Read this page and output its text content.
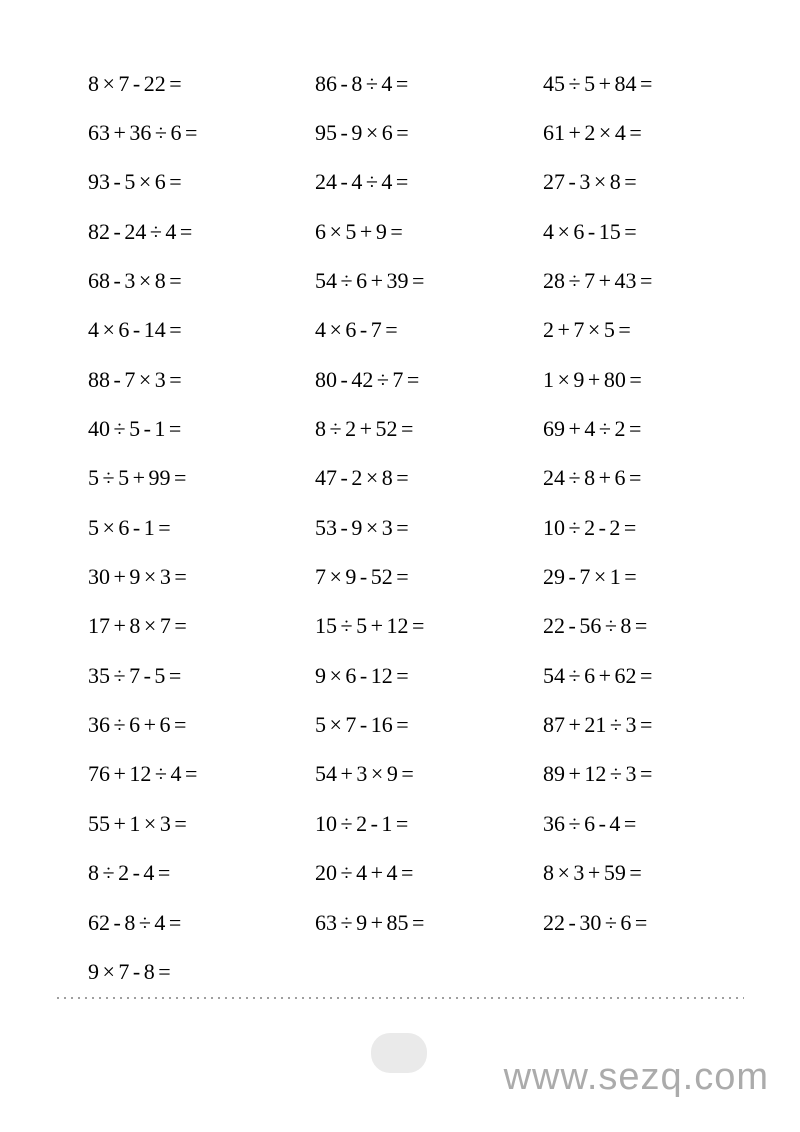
8 × 7 - 22 =
63 + 36 ÷ 6 =
93 - 5 × 6 =
82 - 24 ÷ 4 =
68 - 3 × 8 =
4 × 6 - 14 =
88 - 7 × 3 =
40 ÷ 5 - 1 =
5 ÷ 5 + 99 =
5 × 6 - 1 =
30 + 9 × 3 =
17 + 8 × 7 =
35 ÷ 7 - 5 =
36 ÷ 6 + 6 =
76 + 12 ÷ 4 =
55 + 1 × 3 =
8 ÷ 2 - 4 =
62 - 8 ÷ 4 =
9 × 7 - 8 =
86 - 8 ÷ 4 =
95 - 9 × 6 =
24 - 4 ÷ 4 =
6 × 5 + 9 =
54 ÷ 6 + 39 =
4 × 6 - 7 =
80 - 42 ÷ 7 =
8 ÷ 2 + 52 =
47 - 2 × 8 =
53 - 9 × 3 =
7 × 9 - 52 =
15 ÷ 5 + 12 =
9 × 6 - 12 =
5 × 7 - 16 =
54 + 3 × 9 =
10 ÷ 2 - 1 =
20 ÷ 4 + 4 =
63 ÷ 9 + 85 =
45 ÷ 5 + 84 =
61 + 2 × 4 =
27 - 3 × 8 =
4 × 6 - 15 =
28 ÷ 7 + 43 =
2 + 7 × 5 =
1 × 9 + 80 =
69 + 4 ÷ 2 =
24 ÷ 8 + 6 =
10 ÷ 2 - 2 =
29 - 7 × 1 =
22 - 56 ÷ 8 =
54 ÷ 6 + 62 =
87 + 21 ÷ 3 =
89 + 12 ÷ 3 =
36 ÷ 6 - 4 =
8 × 3 + 59 =
22 - 30 ÷ 6 =
www.sezq.com
